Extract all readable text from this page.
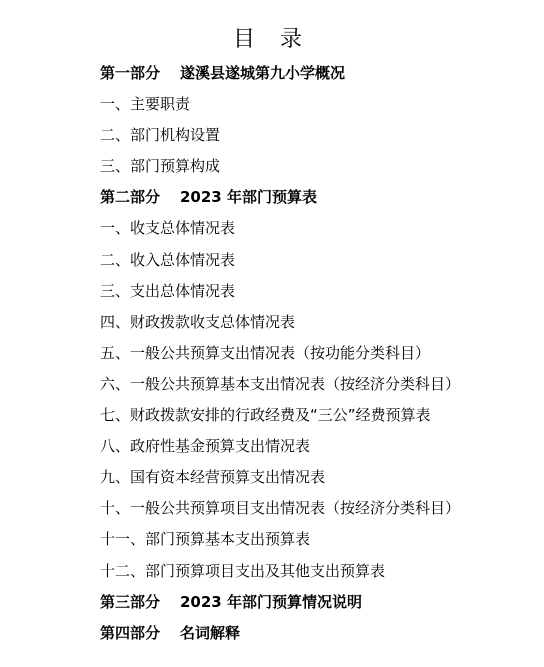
目 录
第一部分 遂溪县遂城第九小学概况
一、主要职责
二、部门机构设置
三、部门预算构成
第二部分 2023 年部门预算表
一、收支总体情况表
二、收入总体情况表
三、支出总体情况表
四、财政拨款收支总体情况表
五、一般公共预算支出情况表（按功能分类科目）
六、一般公共预算基本支出情况表（按经济分类科目）
七、财政拨款安排的行政经费及“三公”经费预算表
八、政府性基金预算支出情况表
九、国有资本经营预算支出情况表
十、一般公共预算项目支出情况表（按经济分类科目）
十一、部门预算基本支出预算表
十二、部门预算项目支出及其他支出预算表
第三部分 2023 年部门预算情况说明
第四部分 名词解释
